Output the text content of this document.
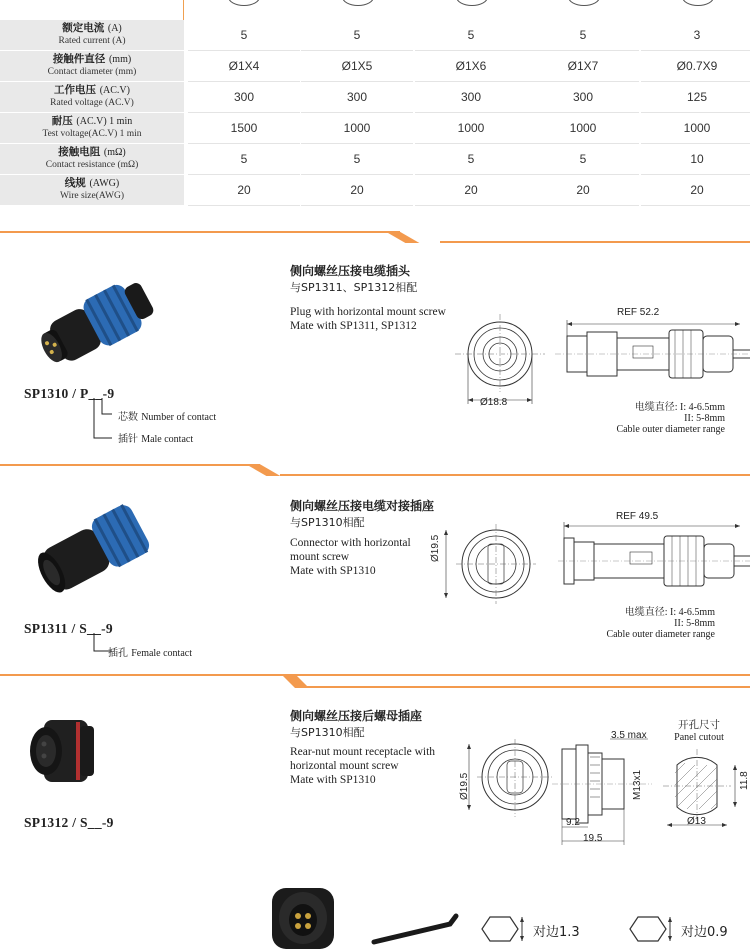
额定电流 (A)
Rated current (A)	5	5	5	5	3
接触件直径 (mm)
Contact diameter (mm)	Ø1X4	Ø1X5	Ø1X6	Ø1X7	Ø0.7X9
工作电压 (AC.V)
Rated voltage (AC.V)	300	300	300	300	125
耐压 (AC.V) 1 min
Test voltage(AC.V) 1 min	1500	1000	1000	1000	1000
接触电阻 (mΩ)
Contact resistance (mΩ)	5	5	5	5	10
线规 (AWG)
Wire size(AWG)	20	20	20	20	20
侧向螺丝压接电缆插头
与SP1311、SP1312相配
Plug with horizontal mount screw
Mate with SP1311, SP1312
SP1310 / P__-9
芯数 Number of contact
插针 Male contact
Ø18.8
REF 52.2
电缆直径: I: 4-6.5mm
II: 5-8mm
Cable outer diameter range
侧向螺丝压接电缆对接插座
与SP1310相配
Connector with horizontal
mount screw
Mate with SP1310
SP1311 / S__-9
插孔 Female contact
Ø19.5
REF 49.5
电缆直径: I: 4-6.5mm
II: 5-8mm
Cable outer diameter range
侧向螺丝压接后螺母插座
与SP1310相配
Rear-nut mount receptacle with
horizontal mount screw
Mate with SP1310
SP1312 / S__-9
Ø19.5
3.5 max
M13x1
9.2
19.5
开孔尺寸
Panel cutout
11.8
Ø13
对边1.3	对边0.9
